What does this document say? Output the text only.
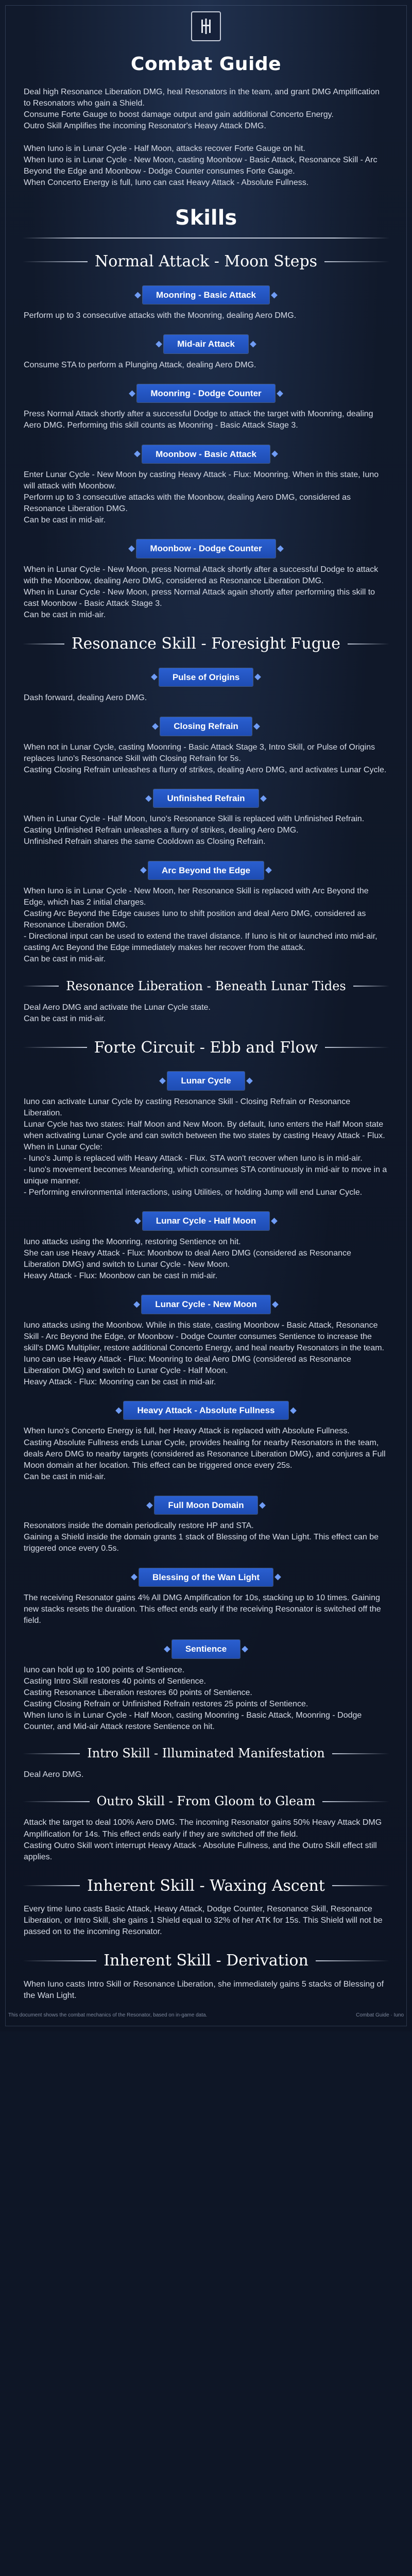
Combat Guide

Deal high Resonance Liberation DMG, heal Resonators in the team, and grant DMG Amplification to Resonators who gain a Shield.

Consume Forte Gauge to boost damage output and gain additional Concerto Energy.

Outro Skill Amplifies the incoming Resonator's Heavy Attack DMG.

When Iuno is in Lunar Cycle - Half Moon, attacks recover Forte Gauge on hit.

When Iuno is in Lunar Cycle - New Moon, casting Moonbow - Basic Attack, Resonance Skill - Arc Beyond the Edge and Moonbow - Dodge Counter consumes Forte Gauge.

When Concerto Energy is full, Iuno can cast Heavy Attack - Absolute Fullness.

Skills
Normal Attack - Moon Steps
Moonring - Basic Attack

Perform up to 3 consecutive attacks with the Moonring, dealing Aero DMG.

Mid-air Attack

Consume STA to perform a Plunging Attack, dealing Aero DMG.

Moonring - Dodge Counter

Press Normal Attack shortly after a successful Dodge to attack the target with Moonring, dealing Aero DMG. Performing this skill counts as Moonring - Basic Attack Stage 3.

Moonbow - Basic Attack

Enter Lunar Cycle - New Moon by casting Heavy Attack - Flux: Moonring. When in this state, Iuno will attack with Moonbow.

Perform up to 3 consecutive attacks with the Moonbow, dealing Aero DMG, considered as Resonance Liberation DMG.

Can be cast in mid-air.

Moonbow - Dodge Counter

When in Lunar Cycle - New Moon, press Normal Attack shortly after a successful Dodge to attack with the Moonbow, dealing Aero DMG, considered as Resonance Liberation DMG.

When in Lunar Cycle - New Moon, press Normal Attack again shortly after performing this skill to cast Moonbow - Basic Attack Stage 3.

Can be cast in mid-air.

Resonance Skill - Foresight Fugue
Pulse of Origins

Dash forward, dealing Aero DMG.

Closing Refrain

When not in Lunar Cycle, casting Moonring - Basic Attack Stage 3, Intro Skill, or Pulse of Origins replaces Iuno's Resonance Skill with Closing Refrain for 5s.

Casting Closing Refrain unleashes a flurry of strikes, dealing Aero DMG, and activates Lunar Cycle.

Unfinished Refrain

When in Lunar Cycle - Half Moon, Iuno's Resonance Skill is replaced with Unfinished Refrain.

Casting Unfinished Refrain unleashes a flurry of strikes, dealing Aero DMG.

Unfinished Refrain shares the same Cooldown as Closing Refrain.

Arc Beyond the Edge

When Iuno is in Lunar Cycle - New Moon, her Resonance Skill is replaced with Arc Beyond the Edge, which has 2 initial charges.

Casting Arc Beyond the Edge causes Iuno to shift position and deal Aero DMG, considered as Resonance Liberation DMG.

- Directional input can be used to extend the travel distance. If Iuno is hit or launched into mid-air, casting Arc Beyond the Edge immediately makes her recover from the attack.

Can be cast in mid-air.

Resonance Liberation - Beneath Lunar Tides

Deal Aero DMG and activate the Lunar Cycle state.

Can be cast in mid-air.

Forte Circuit - Ebb and Flow
Lunar Cycle

Iuno can activate Lunar Cycle by casting Resonance Skill - Closing Refrain or Resonance Liberation.

Lunar Cycle has two states: Half Moon and New Moon. By default, Iuno enters the Half Moon state when activating Lunar Cycle and can switch between the two states by casting Heavy Attack - Flux.

When in Lunar Cycle:

- Iuno's Jump is replaced with Heavy Attack - Flux. STA won't recover when Iuno is in mid-air.

- Iuno's movement becomes Meandering, which consumes STA continuously in mid-air to move in a unique manner.

- Performing environmental interactions, using Utilities, or holding Jump will end Lunar Cycle.

Lunar Cycle - Half Moon

Iuno attacks using the Moonring, restoring Sentience on hit.

She can use Heavy Attack - Flux: Moonbow to deal Aero DMG (considered as Resonance Liberation DMG) and switch to Lunar Cycle - New Moon.

Heavy Attack - Flux: Moonbow can be cast in mid-air.

Lunar Cycle - New Moon

Iuno attacks using the Moonbow. While in this state, casting Moonbow - Basic Attack, Resonance Skill - Arc Beyond the Edge, or Moonbow - Dodge Counter consumes Sentience to increase the skill's DMG Multiplier, restore additional Concerto Energy, and heal nearby Resonators in the team.

Iuno can use Heavy Attack - Flux: Moonring to deal Aero DMG (considered as Resonance Liberation DMG) and switch to Lunar Cycle - Half Moon.

Heavy Attack - Flux: Moonring can be cast in mid-air.

Heavy Attack - Absolute Fullness

When Iuno's Concerto Energy is full, her Heavy Attack is replaced with Absolute Fullness.

Casting Absolute Fullness ends Lunar Cycle, provides healing for nearby Resonators in the team, deals Aero DMG to nearby targets (considered as Resonance Liberation DMG), and conjures a Full Moon domain at her location. This effect can be triggered once every 25s.

Can be cast in mid-air.

Full Moon Domain

Resonators inside the domain periodically restore HP and STA.

Gaining a Shield inside the domain grants 1 stack of Blessing of the Wan Light. This effect can be triggered once every 0.5s.

Blessing of the Wan Light

The receiving Resonator gains 4% All DMG Amplification for 10s, stacking up to 10 times. Gaining new stacks resets the duration. This effect ends early if the receiving Resonator is switched off the field.

Sentience

Iuno can hold up to 100 points of Sentience.

Casting Intro Skill restores 40 points of Sentience.

Casting Resonance Liberation restores 60 points of Sentience.

Casting Closing Refrain or Unfinished Refrain restores 25 points of Sentience.

When Iuno is in Lunar Cycle - Half Moon, casting Moonring - Basic Attack, Moonring - Dodge Counter, and Mid-air Attack restore Sentience on hit.

Intro Skill - Illuminated Manifestation

Deal Aero DMG.

Outro Skill - From Gloom to Gleam

Attack the target to deal 100% Aero DMG. The incoming Resonator gains 50% Heavy Attack DMG Amplification for 14s. This effect ends early if they are switched off the field.

Casting Outro Skill won't interrupt Heavy Attack - Absolute Fullness, and the Outro Skill effect still applies.

Inherent Skill - Waxing Ascent

Every time Iuno casts Basic Attack, Heavy Attack, Dodge Counter, Resonance Skill, Resonance Liberation, or Intro Skill, she gains 1 Shield equal to 32% of her ATK for 15s. This Shield will not be passed on to the incoming Resonator.

Inherent Skill - Derivation

When Iuno casts Intro Skill or Resonance Liberation, she immediately gains 5 stacks of Blessing of the Wan Light.

This document shows the combat mechanics of the Resonator, based on in-game data.	Combat Guide · Iuno
